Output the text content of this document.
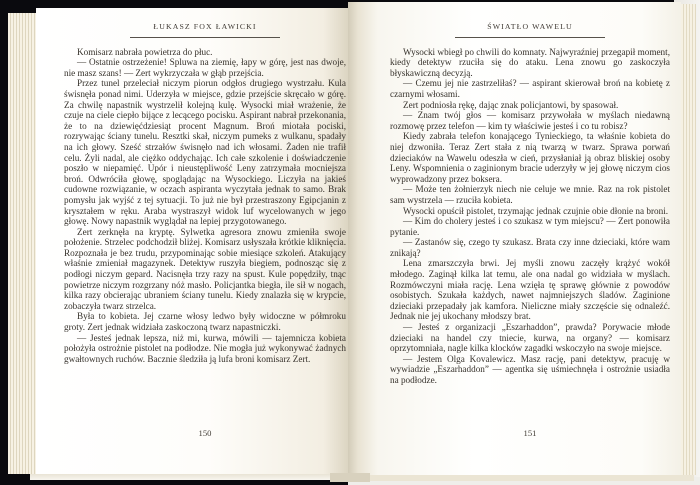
ŁUKASZ FOX ŁAWICKI

Komisarz nabrała powietrza do płuc.

— Ostatnie ostrzeżenie! Spluwa na ziemię, łapy w górę, jest nas dwoje, nie masz szans! — Zert wykrzyczała w głąb przejścia.

Przez tunel przeleciał niczym piorun odgłos drugiego wystrzału. Kula świsnęła ponad nimi. Uderzyła w miejsce, gdzie przejście skręcało w górę. Za chwilę napastnik wystrzelił kolejną kulę. Wysocki miał wrażenie, że czuje na ciele ciepło bijące z lecącego pocisku. Aspirant nabrał przekonania, że to na dziewięćdziesiąt procent Magnum. Broń miotała pociski, rozrywając ściany tunelu. Resztki skał, niczym pumeks z wulkanu, spadały na ich głowy. Sześć strzałów świsnęło nad ich włosami. Żaden nie trafił celu. Żyli nadal, ale ciężko oddychając. Ich całe szkolenie i doświadczenie poszło w niepamięć. Upór i nieustępliwość Leny zatrzymała mocniejsza broń. Odwróciła głowę, spoglądając na Wysockiego. Liczyła na jakieś cudowne rozwiązanie, w oczach aspiranta wyczytała jednak to samo. Brak pomysłu jak wyjść z tej sytuacji. To już nie był przestraszony Egipcjanin z kryształem w ręku. Araba wystraszył widok luf wycelowanych w jego głowę. Nowy napastnik wyglądał na lepiej przygotowanego.

Zert zerknęła na kryptę. Sylwetka agresora znowu zmieniła swoje położenie. Strzelec podchodził bliżej. Komisarz usłyszała krótkie kliknięcia. Rozpoznała je bez trudu, przypominając sobie miesiące szkoleń. Atakujący właśnie zmieniał magazynek. Detektyw ruszyła biegiem, podnosząc się z podłogi niczym gepard. Nacisnęła trzy razy na spust. Kule popędziły, tnąc powietrze niczym rozgrzany nóż masło. Policjantka biegła, ile sił w nogach, kilka razy obcierając ubraniem ściany tunelu. Kiedy znalazła się w krypcie, zobaczyła twarz strzelca.

Była to kobieta. Jej czarne włosy ledwo były widoczne w półmroku groty. Zert jednak widziała zaskoczoną twarz napastniczki.

— Jesteś jednak lepsza, niż mi, kurwa, mówili — tajemnicza kobieta położyła ostrożnie pistolet na podłodze. Nie mogła już wykonywać żadnych gwałtownych ruchów. Bacznie śledziła ją lufa broni komisarz Zert.

ŚWIATŁO WAWELU

Wysocki wbiegł po chwili do komnaty. Najwyraźniej przegapił moment, kiedy detektyw rzuciła się do ataku. Lena znowu go zaskoczyła błyskawiczną decyzją.

— Czemu jej nie zastrzeliłaś? — aspirant skierował broń na kobietę z czarnymi włosami.

Zert podniosła rękę, dając znak policjantowi, by spasował.

— Znam twój głos — komisarz przywołała w myślach niedawną rozmowę przez telefon — kim ty właściwie jesteś i co tu robisz?

Kiedy zabrała telefon konającego Tynieckiego, ta właśnie kobieta do niej dzwoniła. Teraz Zert stała z nią twarzą w twarz. Sprawa porwań dzieciaków na Wawelu odeszła w cień, przysłaniał ją obraz bliskiej osoby Leny. Wspomnienia o zaginionym bracie uderzyły w jej głowę niczym cios wyprowadzony przez boksera.

— Może ten żołnierzyk niech nie celuje we mnie. Raz na rok pistolet sam wystrzela — rzuciła kobieta.

Wysocki opuścił pistolet, trzymając jednak czujnie obie dłonie na broni.

— Kim do cholery jesteś i co szukasz w tym miejscu? — Zert ponowiła pytanie.

— Zastanów się, czego ty szukasz. Brata czy inne dzieciaki, które wam znikają?

Lena zmarszczyła brwi. Jej myśli znowu zaczęły krążyć wokół młodego. Zaginął kilka lat temu, ale ona nadal go widziała w myślach. Rozmówczyni miała rację. Lena wzięła tę sprawę głównie z powodów osobistych. Szukała każdych, nawet najmniejszych śladów. Zaginione dzieciaki przepadały jak kamfora. Nieliczne miały szczęście się odnaleźć. Jednak nie jej ukochany młodszy brat.

— Jesteś z organizacji „Eszarhaddon”, prawda? Porywacie młode dzieciaki na handel czy tniecie, kurwa, na organy? — komisarz oprzytomniała, nagle kilka klocków zagadki wskoczyło na swoje miejsce.

— Jestem Olga Kovalewicz. Masz rację, pani detektyw, pracuję w wywiadzie „Eszarhaddon” — agentka się uśmiechnęła i ostrożnie usiadła na podłodze.

150	151
